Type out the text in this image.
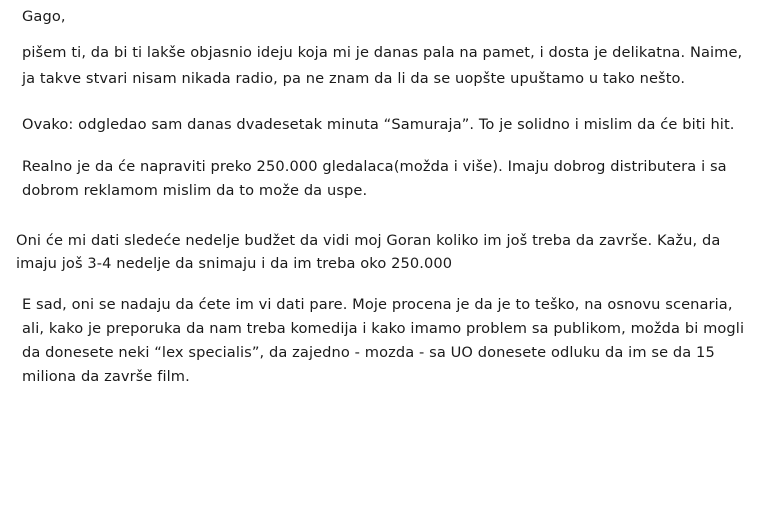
Gago,
pišem ti, da bi ti lakše objasnio ideju koja mi je danas pala na pamet, i dosta je delikatna. Naime,
ja takve stvari nisam nikada radio, pa ne znam da li da se uopšte upuštamo u tako nešto.
Ovako: odgledao sam danas dvadesetak minuta “Samuraja”. To je solidno i mislim da će biti hit.
Realno je da će napraviti preko 250.000 gledalaca(možda i više). Imaju dobrog distributera i sa
dobrom reklamom mislim da to može da uspe.
Oni će mi dati sledeće nedelje budžet da vidi moj Goran koliko im još treba da završe. Kažu, da
imaju još 3-4 nedelje da snimaju i da im treba oko 250.000
E sad, oni se nadaju da ćete im vi dati pare. Moje procena je da je to teško, na osnovu scenaria,
ali, kako je preporuka da nam treba komedija i kako imamo problem sa publikom, možda bi mogli
da donesete neki “lex specialis”, da zajedno - mozda - sa UO donesete odluku da im se da 15
miliona da završe film.
